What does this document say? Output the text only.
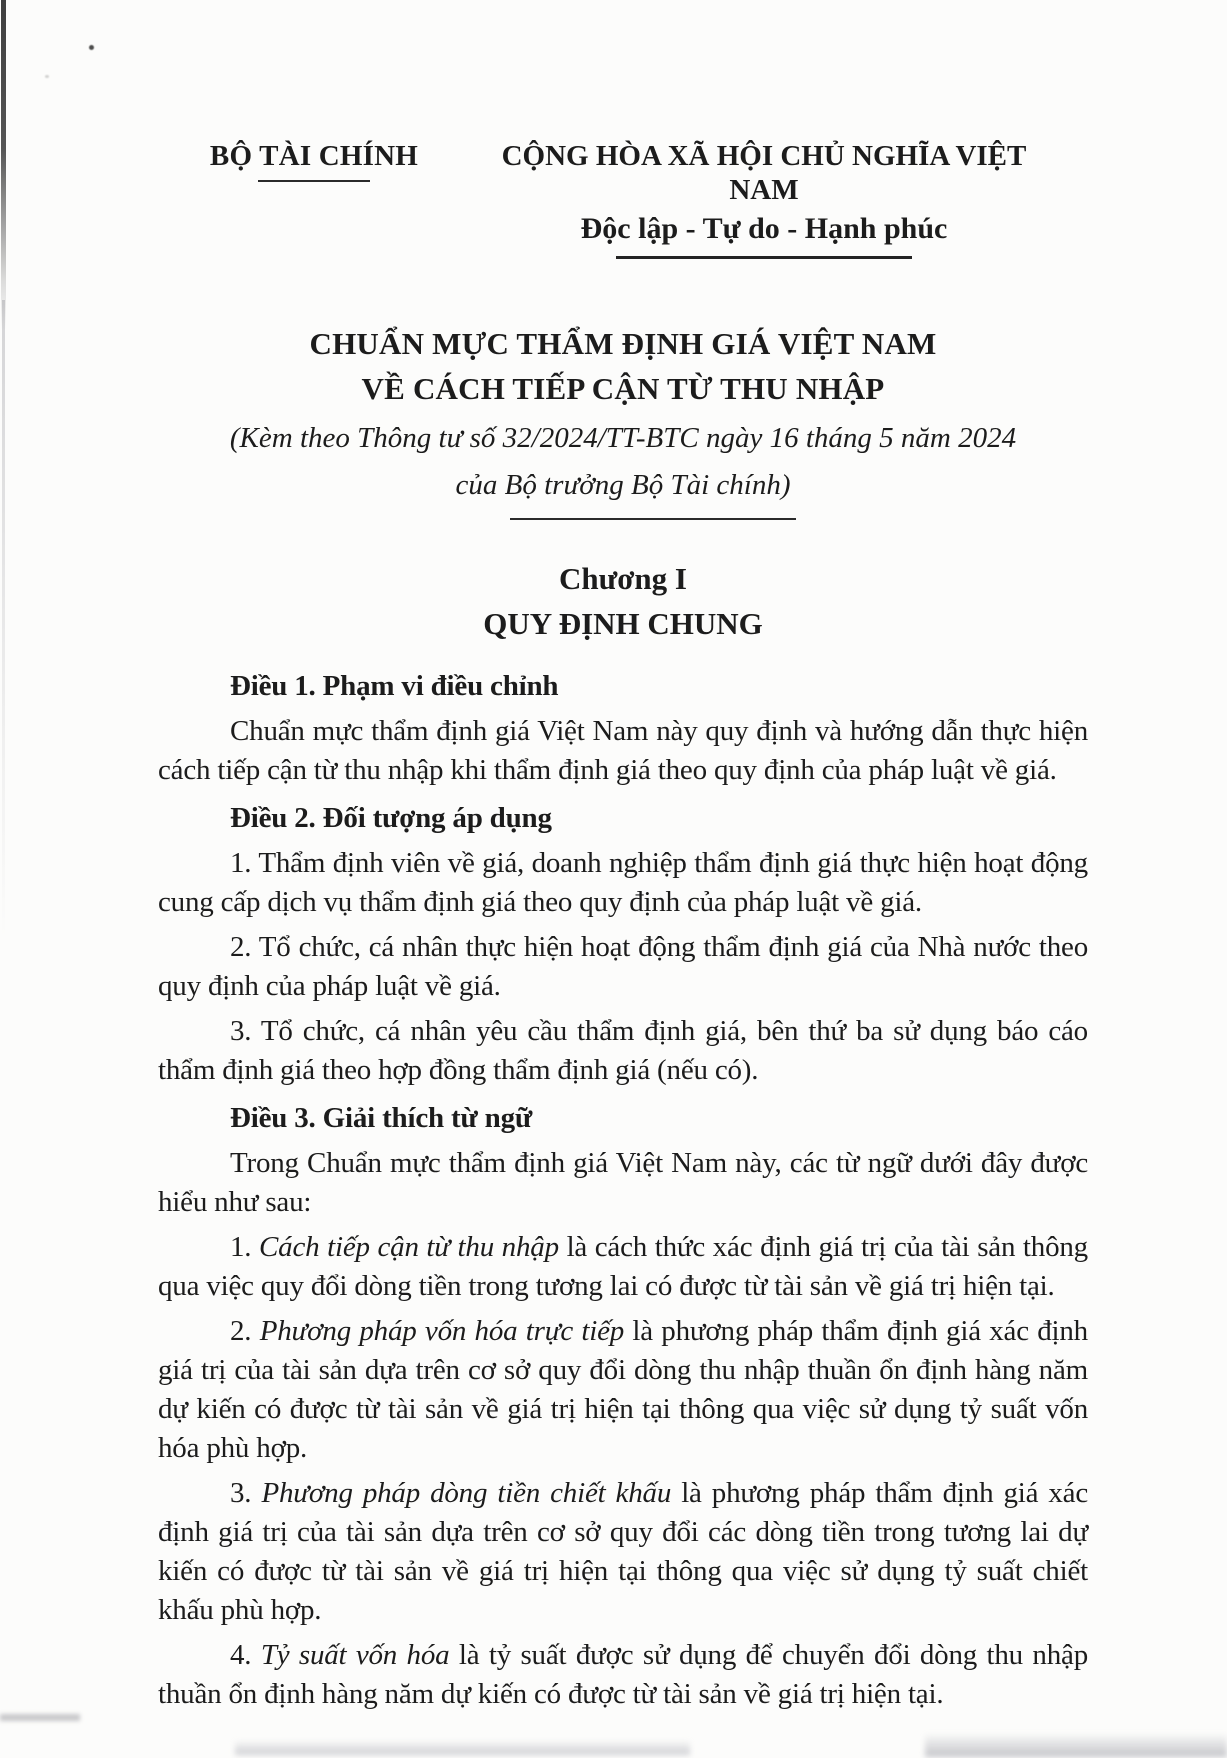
BỘ TÀI CHÍNH	CỘNG HÒA XÃ HỘI CHỦ NGHĨA VIỆT NAM
Độc lập - Tự do - Hạnh phúc
CHUẨN MỰC THẨM ĐỊNH GIÁ VIỆT NAM
VỀ CÁCH TIẾP CẬN TỪ THU NHẬP
(Kèm theo Thông tư số 32/2024/TT-BTC ngày 16 tháng 5 năm 2024
của Bộ trưởng Bộ Tài chính)
Chương I
QUY ĐỊNH CHUNG
Điều 1. Phạm vi điều chỉnh

Chuẩn mực thẩm định giá Việt Nam này quy định và hướng dẫn thực hiện cách tiếp cận từ thu nhập khi thẩm định giá theo quy định của pháp luật về giá.

Điều 2. Đối tượng áp dụng

1. Thẩm định viên về giá, doanh nghiệp thẩm định giá thực hiện hoạt động cung cấp dịch vụ thẩm định giá theo quy định của pháp luật về giá.

2. Tổ chức, cá nhân thực hiện hoạt động thẩm định giá của Nhà nước theo quy định của pháp luật về giá.

3. Tổ chức, cá nhân yêu cầu thẩm định giá, bên thứ ba sử dụng báo cáo thẩm định giá theo hợp đồng thẩm định giá (nếu có).

Điều 3. Giải thích từ ngữ

Trong Chuẩn mực thẩm định giá Việt Nam này, các từ ngữ dưới đây được hiểu như sau:

1. Cách tiếp cận từ thu nhập là cách thức xác định giá trị của tài sản thông qua việc quy đổi dòng tiền trong tương lai có được từ tài sản về giá trị hiện tại.

2. Phương pháp vốn hóa trực tiếp là phương pháp thẩm định giá xác định giá trị của tài sản dựa trên cơ sở quy đổi dòng thu nhập thuần ổn định hàng năm dự kiến có được từ tài sản về giá trị hiện tại thông qua việc sử dụng tỷ suất vốn hóa phù hợp.

3. Phương pháp dòng tiền chiết khấu là phương pháp thẩm định giá xác định giá trị của tài sản dựa trên cơ sở quy đổi các dòng tiền trong tương lai dự kiến có được từ tài sản về giá trị hiện tại thông qua việc sử dụng tỷ suất chiết khấu phù hợp.

4. Tỷ suất vốn hóa là tỷ suất được sử dụng để chuyển đổi dòng thu nhập thuần ổn định hàng năm dự kiến có được từ tài sản về giá trị hiện tại.
